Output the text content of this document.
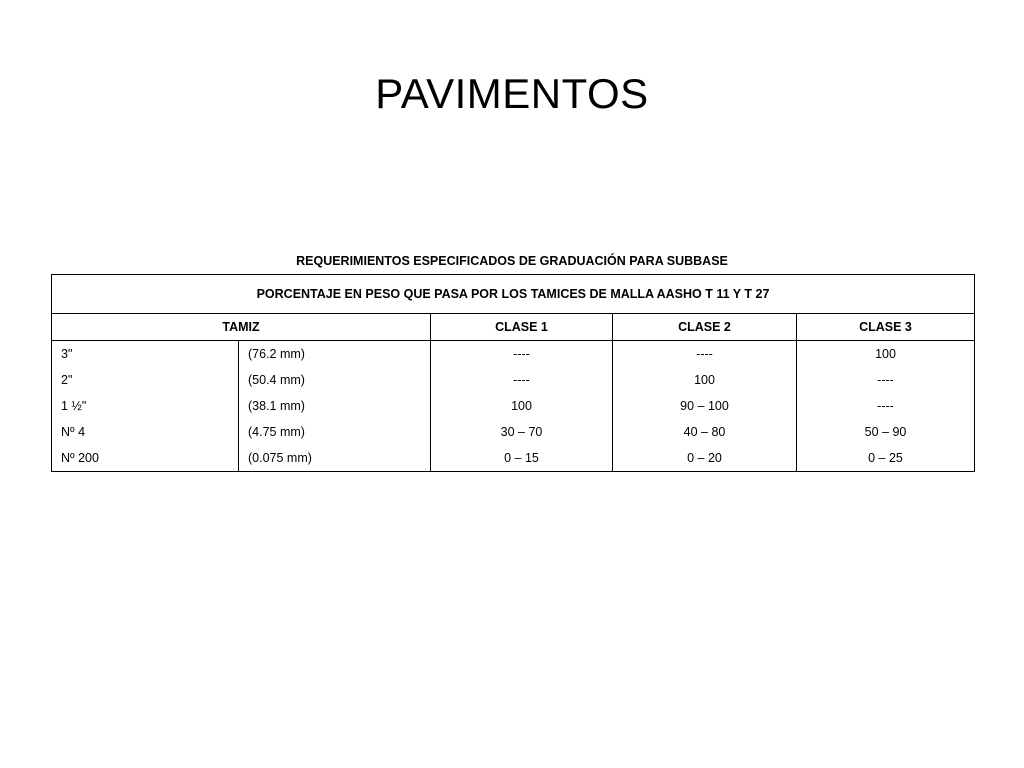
PAVIMENTOS
REQUERIMIENTOS ESPECIFICADOS DE GRADUACIÓN PARA SUBBASE
PORCENTAJE EN PESO QUE PASA POR LOS TAMICES DE MALLA AASHO T 11 Y T 27				
TAMIZ		CLASE 1	CLASE 2	CLASE 3
3"	(76.2 mm)	----	----	100
2"	(50.4 mm)	----	100	----
1 ½"	(38.1 mm)	100	90 – 100	----
Nº 4	(4.75 mm)	30 – 70	40 – 80	50 – 90
Nº 200	(0.075 mm)	0 – 15	0 – 20	0 – 25
